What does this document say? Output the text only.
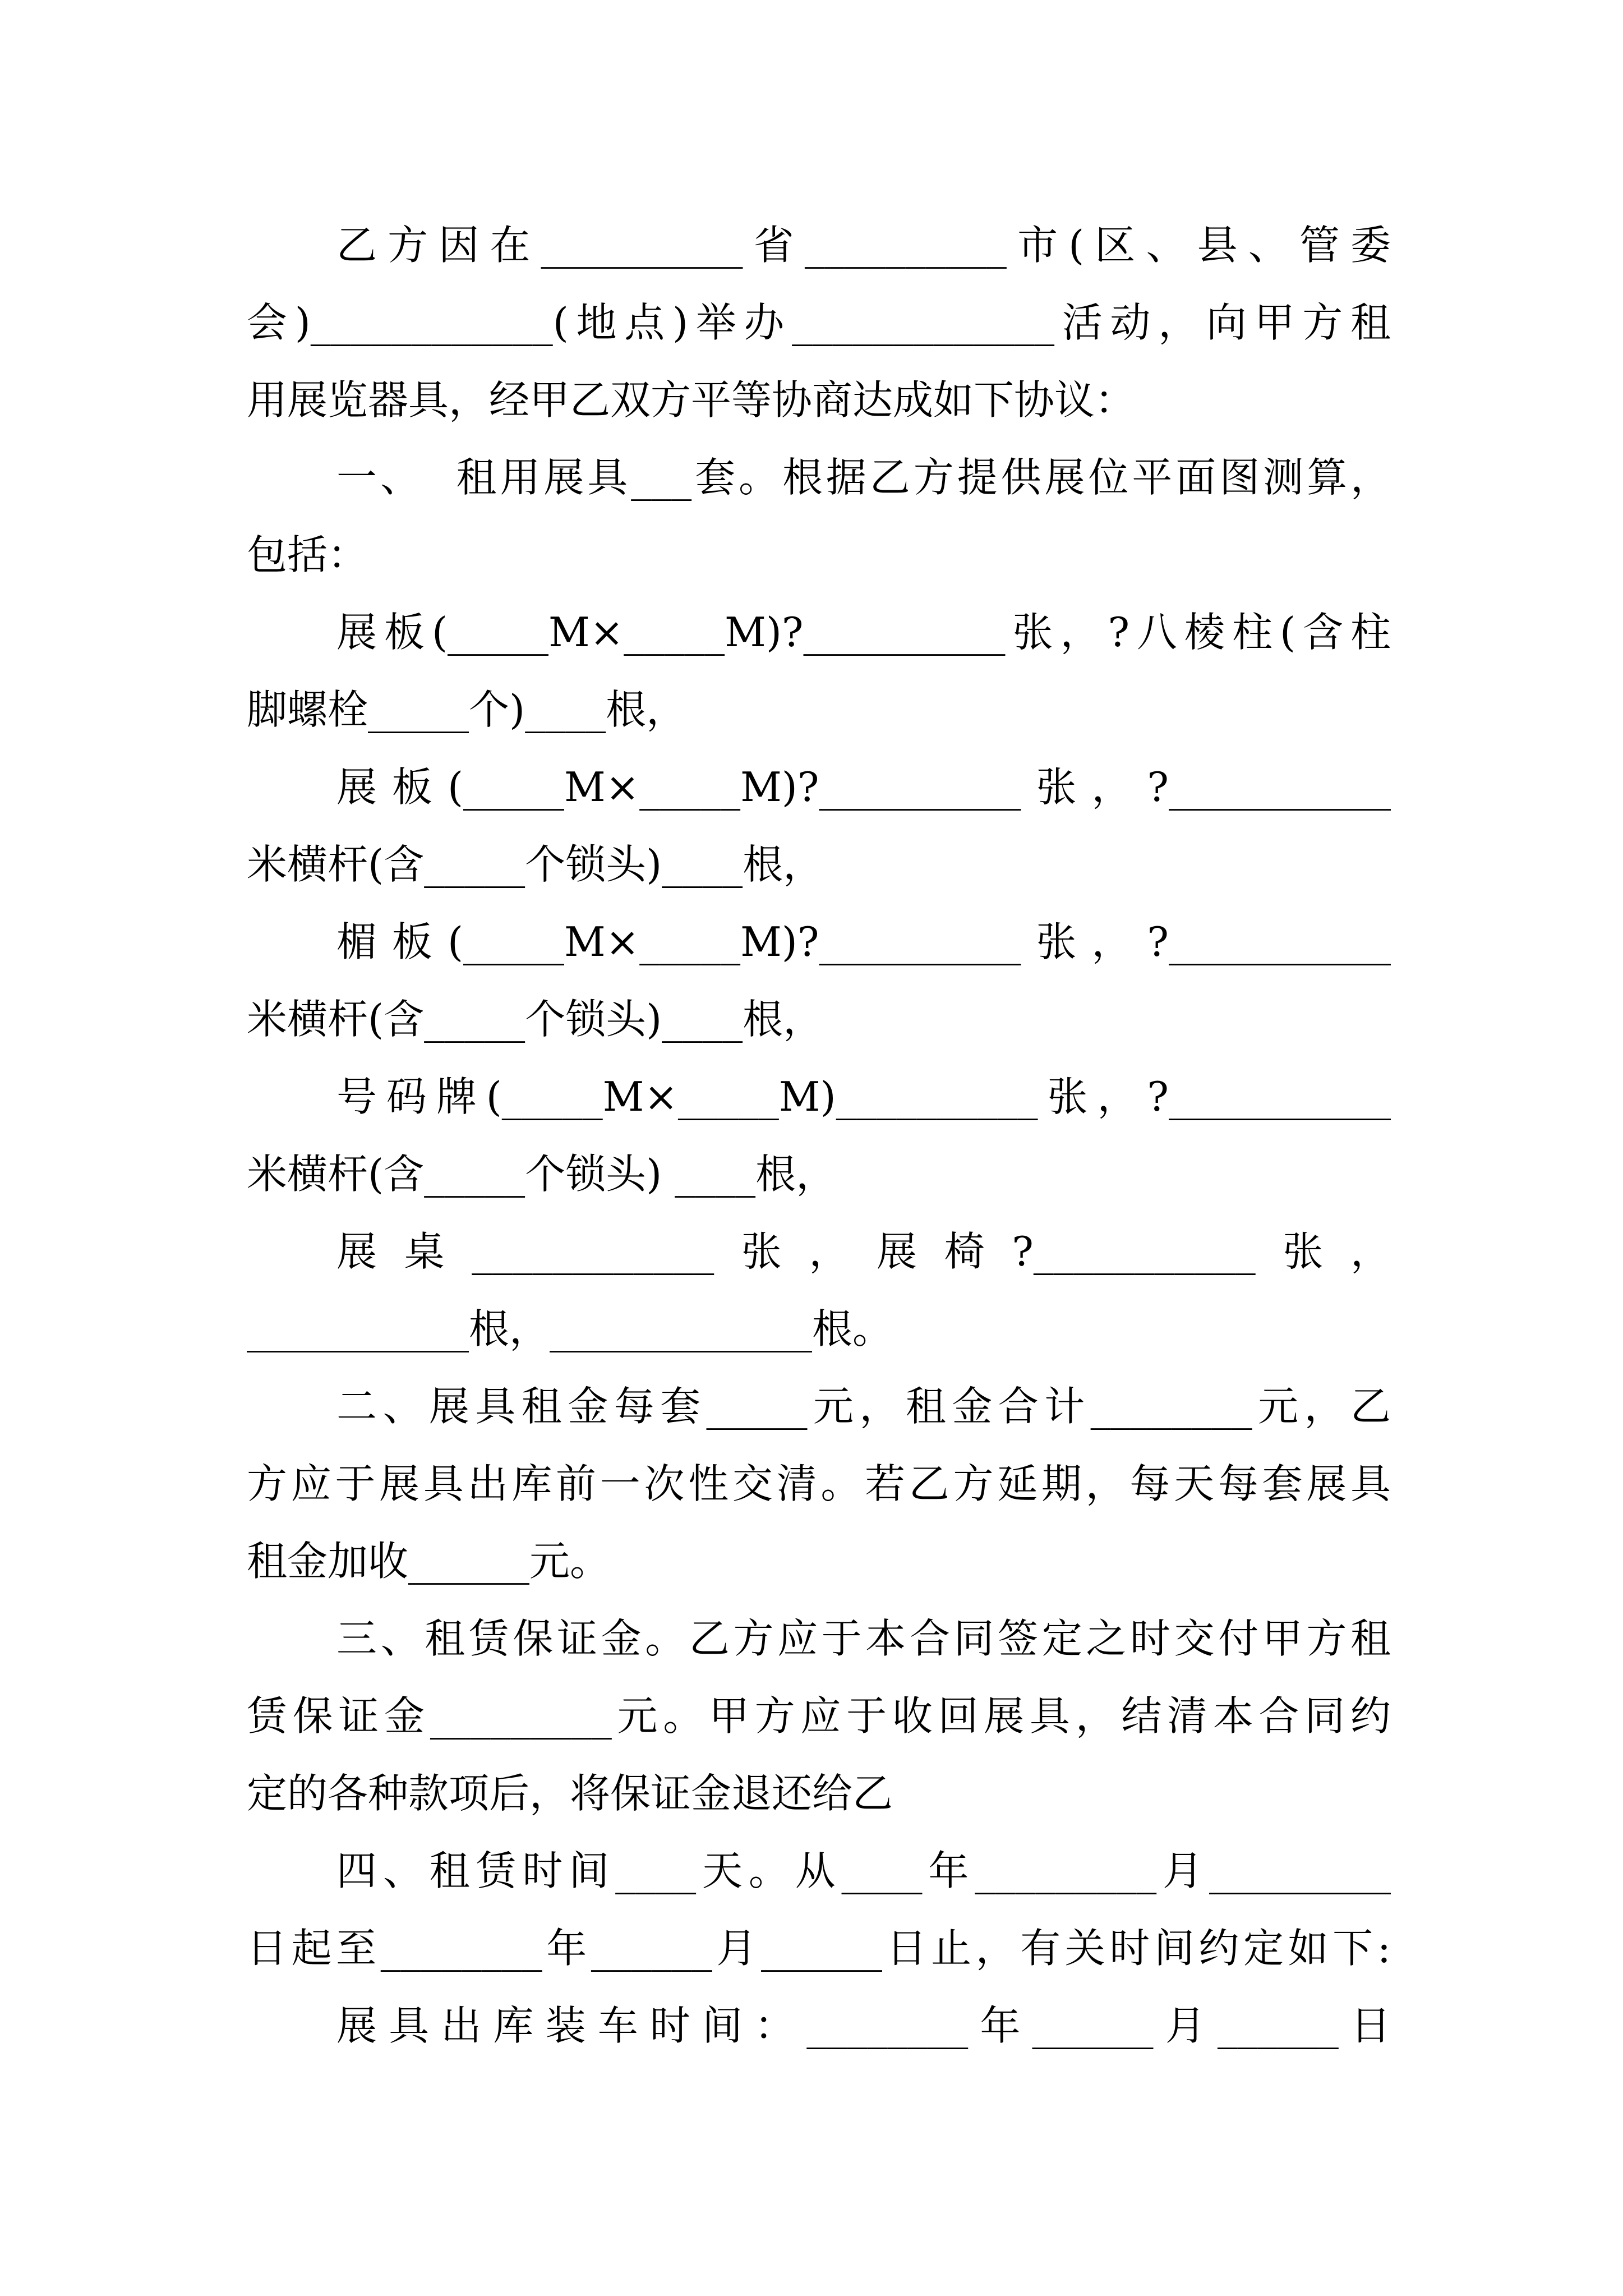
乙方因在__________省__________市(区、县、管委
会)____________(地点)举办_____________活动，向甲方租
用展览器具，经甲乙双方平等协商达成如下协议：
一、  租用展具___套。根据乙方提供展位平面图测算，
包括：
展板(_____M×_____M)?__________张，?八棱柱(含柱
脚螺栓_____个)____根，
展板(_____M×_____M)?__________张，?___________
米横杆(含_____个锁头)____根，
楣板(_____M×_____M)?__________张，?___________
米横杆(含_____个锁头)____根，
号码牌(_____M×_____M)__________张，?___________
米横杆(含_____个锁头) ____根，
展桌____________张，展椅?___________张，
___________根，_____________根。
二、展具租金每套_____元，租金合计________元，乙
方应于展具出库前一次性交清。若乙方延期，每天每套展具
租金加收______元。
三、租赁保证金。乙方应于本合同签定之时交付甲方租
赁保证金_________元。甲方应于收回展具，结清本合同约
定的各种款项后，将保证金退还给乙
四、租赁时间____天。从____年_________月_________
日起至________年______月______日止，有关时间约定如下:
展具出库装车时间：________年______月______日
